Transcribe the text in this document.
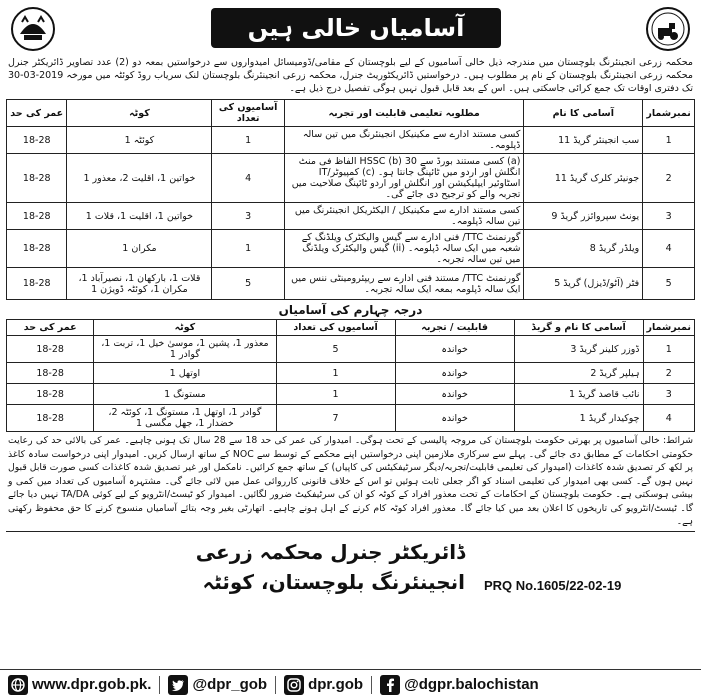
آسامیاں خالی ہیں

محکمہ زرعی انجینئرنگ بلوچستان میں مندرجہ ذیل خالی آسامیوں کے لیے بلوچستان کے مقامی/ڈومیسائل امیدواروں سے درخواستیں بمعہ دو (2) عدد تصاویر ڈائریکٹر جنرل محکمہ زرعی انجینئرنگ بلوچستان کے نام پر مطلوب ہیں۔ درخواستیں ڈائریکٹوریٹ جنرل، محکمہ زرعی انجینئرنگ بلوچستان لنک سریاب روڈ کوئٹہ میں مورخہ 2019-03-30 تک دفتری اوقات تک جمع کرائی جاسکتی ہیں۔ اس کے بعد قابل قبول نہیں ہوگی تفصیل درج ذیل ہے۔

نمبرشمار	آسامی کا نام	مطلوبہ تعلیمی قابلیت اور تجربہ	آسامیوں کی تعداد	کوٹہ	عمر کی حد
1	سب انجینئر گریڈ 11	کسی مستند ادارے سے مکینیکل انجینئرنگ میں تین سالہ ڈپلومہ۔	1	کوئٹہ 1	18-28
2	جونیئر کلرک گریڈ 11	(a) کسی مستند بورڈ سے HSSC (b) 30 الفاظ فی منٹ انگلش اور اردو میں ٹائپنگ جانتا ہو۔ (c) کمپیوٹر/IT اسٹاوئیر ایپلیکیشن اور انگلش اور اردو ٹائپنگ صلاحیت میں تجربہ والے کو ترجیح دی جائے گی۔	4	خواتین 1، اقلیت 2، معذور 1	18-28
3	یونٹ سپروائزر گریڈ 9	کسی مستند ادارے سے مکینیکل / الیکٹریکل انجینئرنگ میں تین سالہ ڈپلومہ۔	3	خواتین 1، اقلیت 1، قلات 1	18-28
4	ویلڈر گریڈ 8	گورنمنٹ TTC/ فنی ادارے سے گیس والیکٹرک ویلڈنگ کے شعبہ میں ایک سالہ ڈپلومہ۔ (ii) گیس والیکٹرک ویلڈنگ میں تین سالہ تجربہ۔	1	مکران 1	18-28
5	فٹر (آٹو/ڈیزل) گریڈ 5	گورنمنٹ TTC/ مستند فنی ادارے سے ریپئرومینٹی ننس میں ایک سالہ ڈپلومہ بمعہ ایک سالہ تجربہ۔	5	قلات 1، بارکھان 1، نصیرآباد 1، مکران 1، کوئٹہ ڈویژن 1	18-28
درجہ چہارم کی آسامیاں
نمبرشمار	آسامی کا نام و گریڈ	قابلیت / تجربہ	آسامیوں کی تعداد	کوٹہ	عمر کی حد
1	ڈوزر کلینر گریڈ 3	خواندہ	5	معذور 1، پشین 1، موسیٰ خیل 1، تربت 1، گوادر 1	18-28
2	ہیلپر گریڈ 2	خواندہ	1	اوتھل 1	18-28
3	نائب قاصد گریڈ 1	خواندہ	1	مستونگ 1	18-28
4	چوکیدار گریڈ 1	خواندہ	7	گوادر 1، اوتھل 1، مستونگ 1، کوئٹہ 2، خضدار 1، جھل مگسی 1	18-28

شرائط: خالی آسامیوں پر بھرتی حکومت بلوچستان کی مروجہ پالیسی کے تحت ہوگی۔ امیدوار کی عمر کی حد 18 سے 28 سال تک ہونی چاہیے۔ عمر کی بالائی حد کی رعایت حکومتی احکامات کے مطابق دی جائے گی۔ پہلے سے سرکاری ملازمین اپنی درخواستیں اپنے محکمے کے توسط سے NOC کے ساتھ ارسال کریں۔ امیدوار اپنی درخواست سادہ کاغذ پر لکھ کر تصدیق شدہ کاغذات (امیدوار کی تعلیمی قابلیت/تجربہ/دیگر سرٹیفکیٹس کی کاپیاں) کے ساتھ جمع کرائیں۔ نامکمل اور غیر تصدیق شدہ کاغذات کسی صورت قابل قبول نہیں ہوں گے۔ کسی بھی امیدوار کی تعلیمی اسناد کو اگر جعلی ثابت ہوئیں تو اس کے خلاف قانونی کارروائی عمل میں لائی جائے گی۔ مشتہرہ آسامیوں کی تعداد میں کمی و بیشی ہوسکتی ہے۔ حکومت بلوچستان کے احکامات کے تحت معذور افراد کے کوٹہ کو ان کی سرٹیفکیٹ ضرور لگائیں۔ امیدوار کو ٹیسٹ/انٹرویو کے لیے کوئی TA/DA نہیں دیا جائے گا۔ ٹیسٹ/انٹرویو کی تاریخوں کا اعلان بعد میں کیا جائے گا۔ معذور افراد کوٹہ کام کرنے کے اہل ہونے چاہیے۔ اتھارٹی بغیر وجہ بتائے آسامیاں منسوخ کرنے کا حق محفوظ رکھتی ہے۔

ڈائریکٹر جنرل محکمہ زرعی
انجینئرنگ بلوچستان، کوئٹہ PRQ No.1605/22-02-19
www.dpr.gob.pk.	@dpr_gob	dpr.gob	@dgpr.balochistan
